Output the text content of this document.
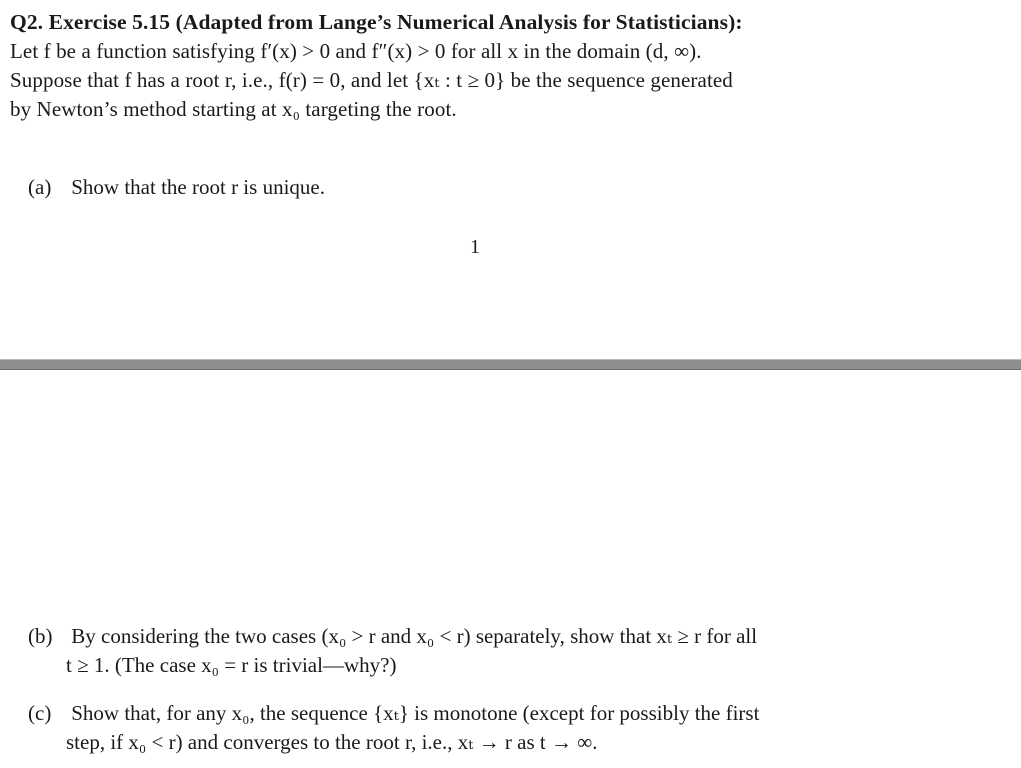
Q2. Exercise 5.15 (Adapted from Lange’s Numerical Analysis for Statisticians):
Let f be a function satisfying f′(x) > 0 and f″(x) > 0 for all x in the domain (d, ∞).
Suppose that f has a root r, i.e., f(r) = 0, and let {xₜ : t ≥ 0} be the sequence generated
by Newton’s method starting at x₀ targeting the root.
(a) Show that the root r is unique.
1
(b) By considering the two cases (x₀ > r and x₀ < r) separately, show that xₜ ≥ r for all
t ≥ 1. (The case x₀ = r is trivial—why?)
(c) Show that, for any x₀, the sequence {xₜ} is monotone (except for possibly the first
step, if x₀ < r) and converges to the root r, i.e., xₜ → r as t → ∞.
